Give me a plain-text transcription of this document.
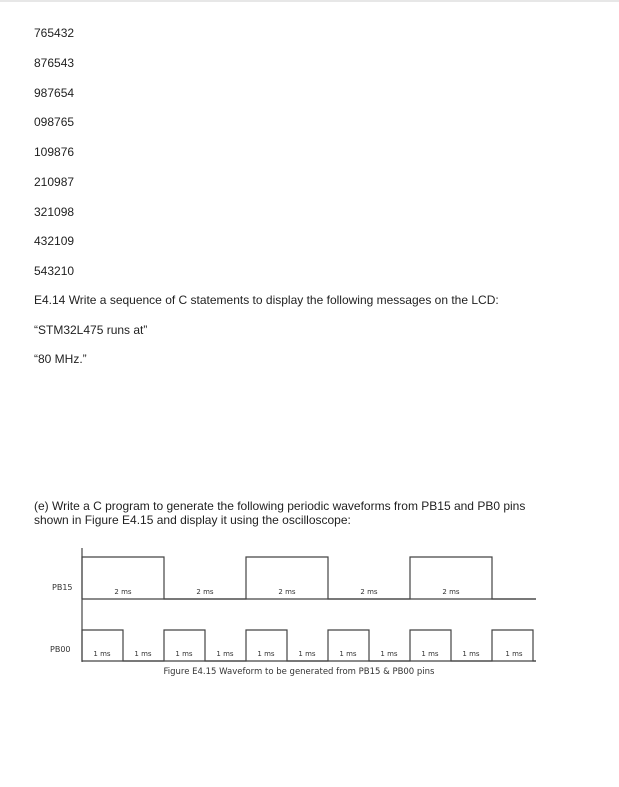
765432
876543
987654
098765
109876
210987
321098
432109
543210

E4.14 Write a sequence of C statements to display the following messages on the LCD:

“STM32L475 runs at”

“80 MHz.”

(e) Write a C program to generate the following periodic waveforms from PB15 and PB0 pins shown in Figure E4.15 and display it using the oscilloscope:

PB15
PB00
2 ms	2 ms	2 ms	2 ms	2 ms
1 ms	1 ms	1 ms	1 ms	1 ms	1 ms	1 ms	1 ms	1 ms	1 ms	1 ms
Figure E4.15 Waveform to be generated from PB15 & PB00 pins
